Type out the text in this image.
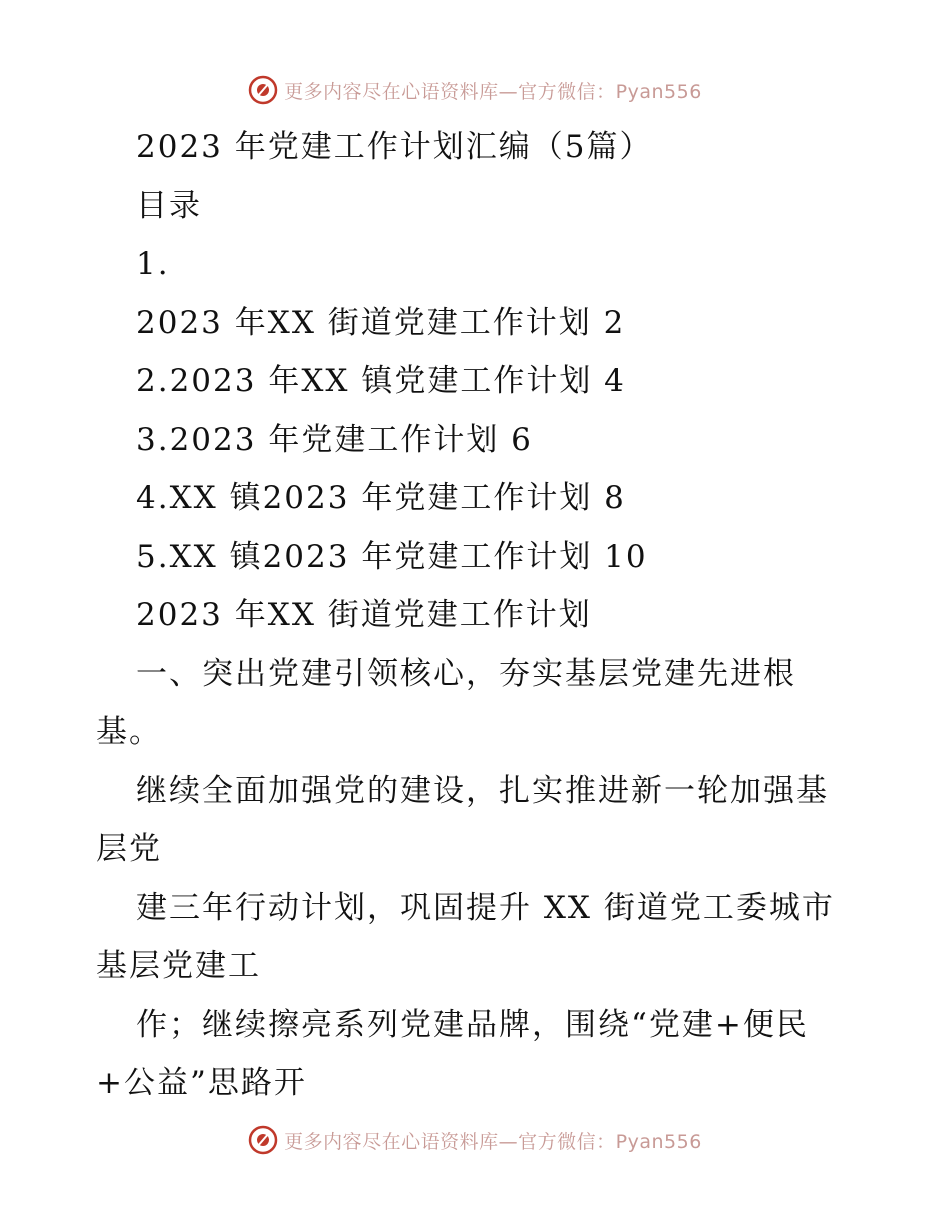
更多内容尽在心语资料库—官方微信：Pyan556
2023 年党建工作计划汇编（5篇）
目录
1.
2023 年XX 街道党建工作计划 2
2.2023 年XX 镇党建工作计划 4
3.2023 年党建工作计划 6
4.XX 镇2023 年党建工作计划 8
5.XX 镇2023 年党建工作计划 10
2023 年XX 街道党建工作计划
一、突出党建引领核心，夯实基层党建先进根
基。
继续全面加强党的建设，扎实推进新一轮加强基
层党
建三年行动计划，巩固提升 XX 街道党工委城市
基层党建工
作；继续擦亮系列党建品牌，围绕“党建+便民
+公益”思路开
更多内容尽在心语资料库—官方微信：Pyan556
